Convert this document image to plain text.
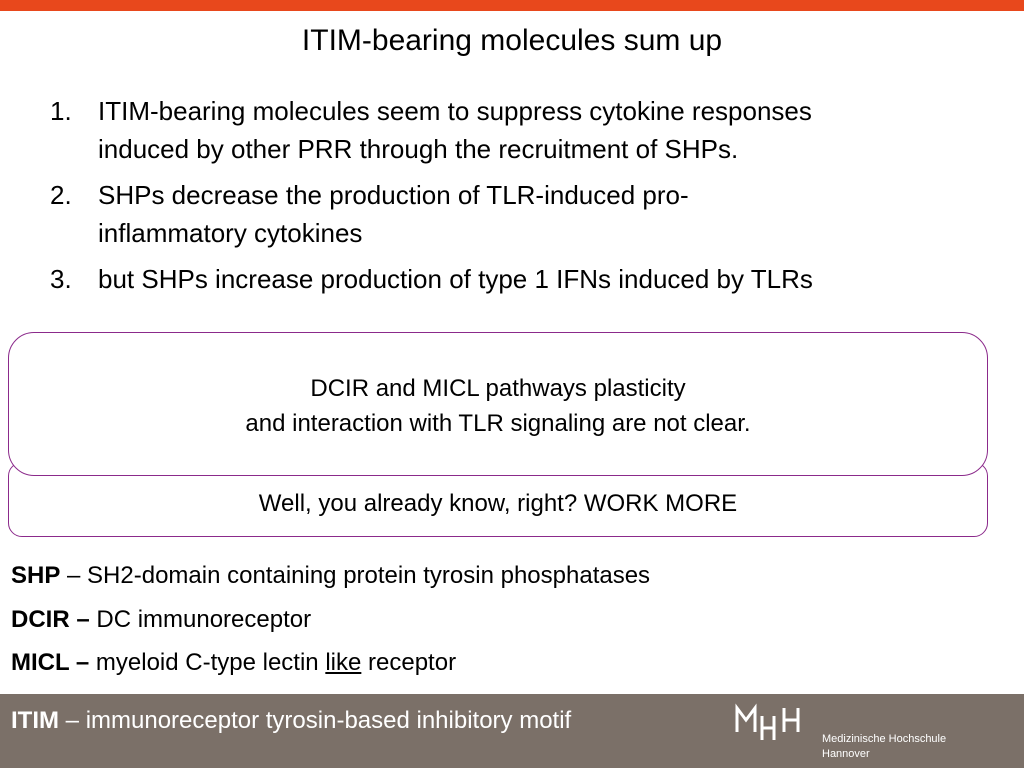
ITIM-bearing molecules sum up
1. ITIM-bearing molecules seem to suppress cytokine responses
induced by other PRR through the recruitment of SHPs.
2. SHPs decrease the production of TLR-induced pro-
inflammatory cytokines
3. but SHPs increase production of type 1 IFNs induced by TLRs
Well, you already know, right? WORK MORE
DCIR and MICL pathways plasticity
and interaction with TLR signaling are not clear.
SHP – SH2-domain containing protein tyrosin phosphatases
DCIR – DC immunoreceptor
MICL – myeloid C-type lectin like receptor
ITIM – immunoreceptor tyrosin-based inhibitory motif
Medizinische Hochschule
Hannover
